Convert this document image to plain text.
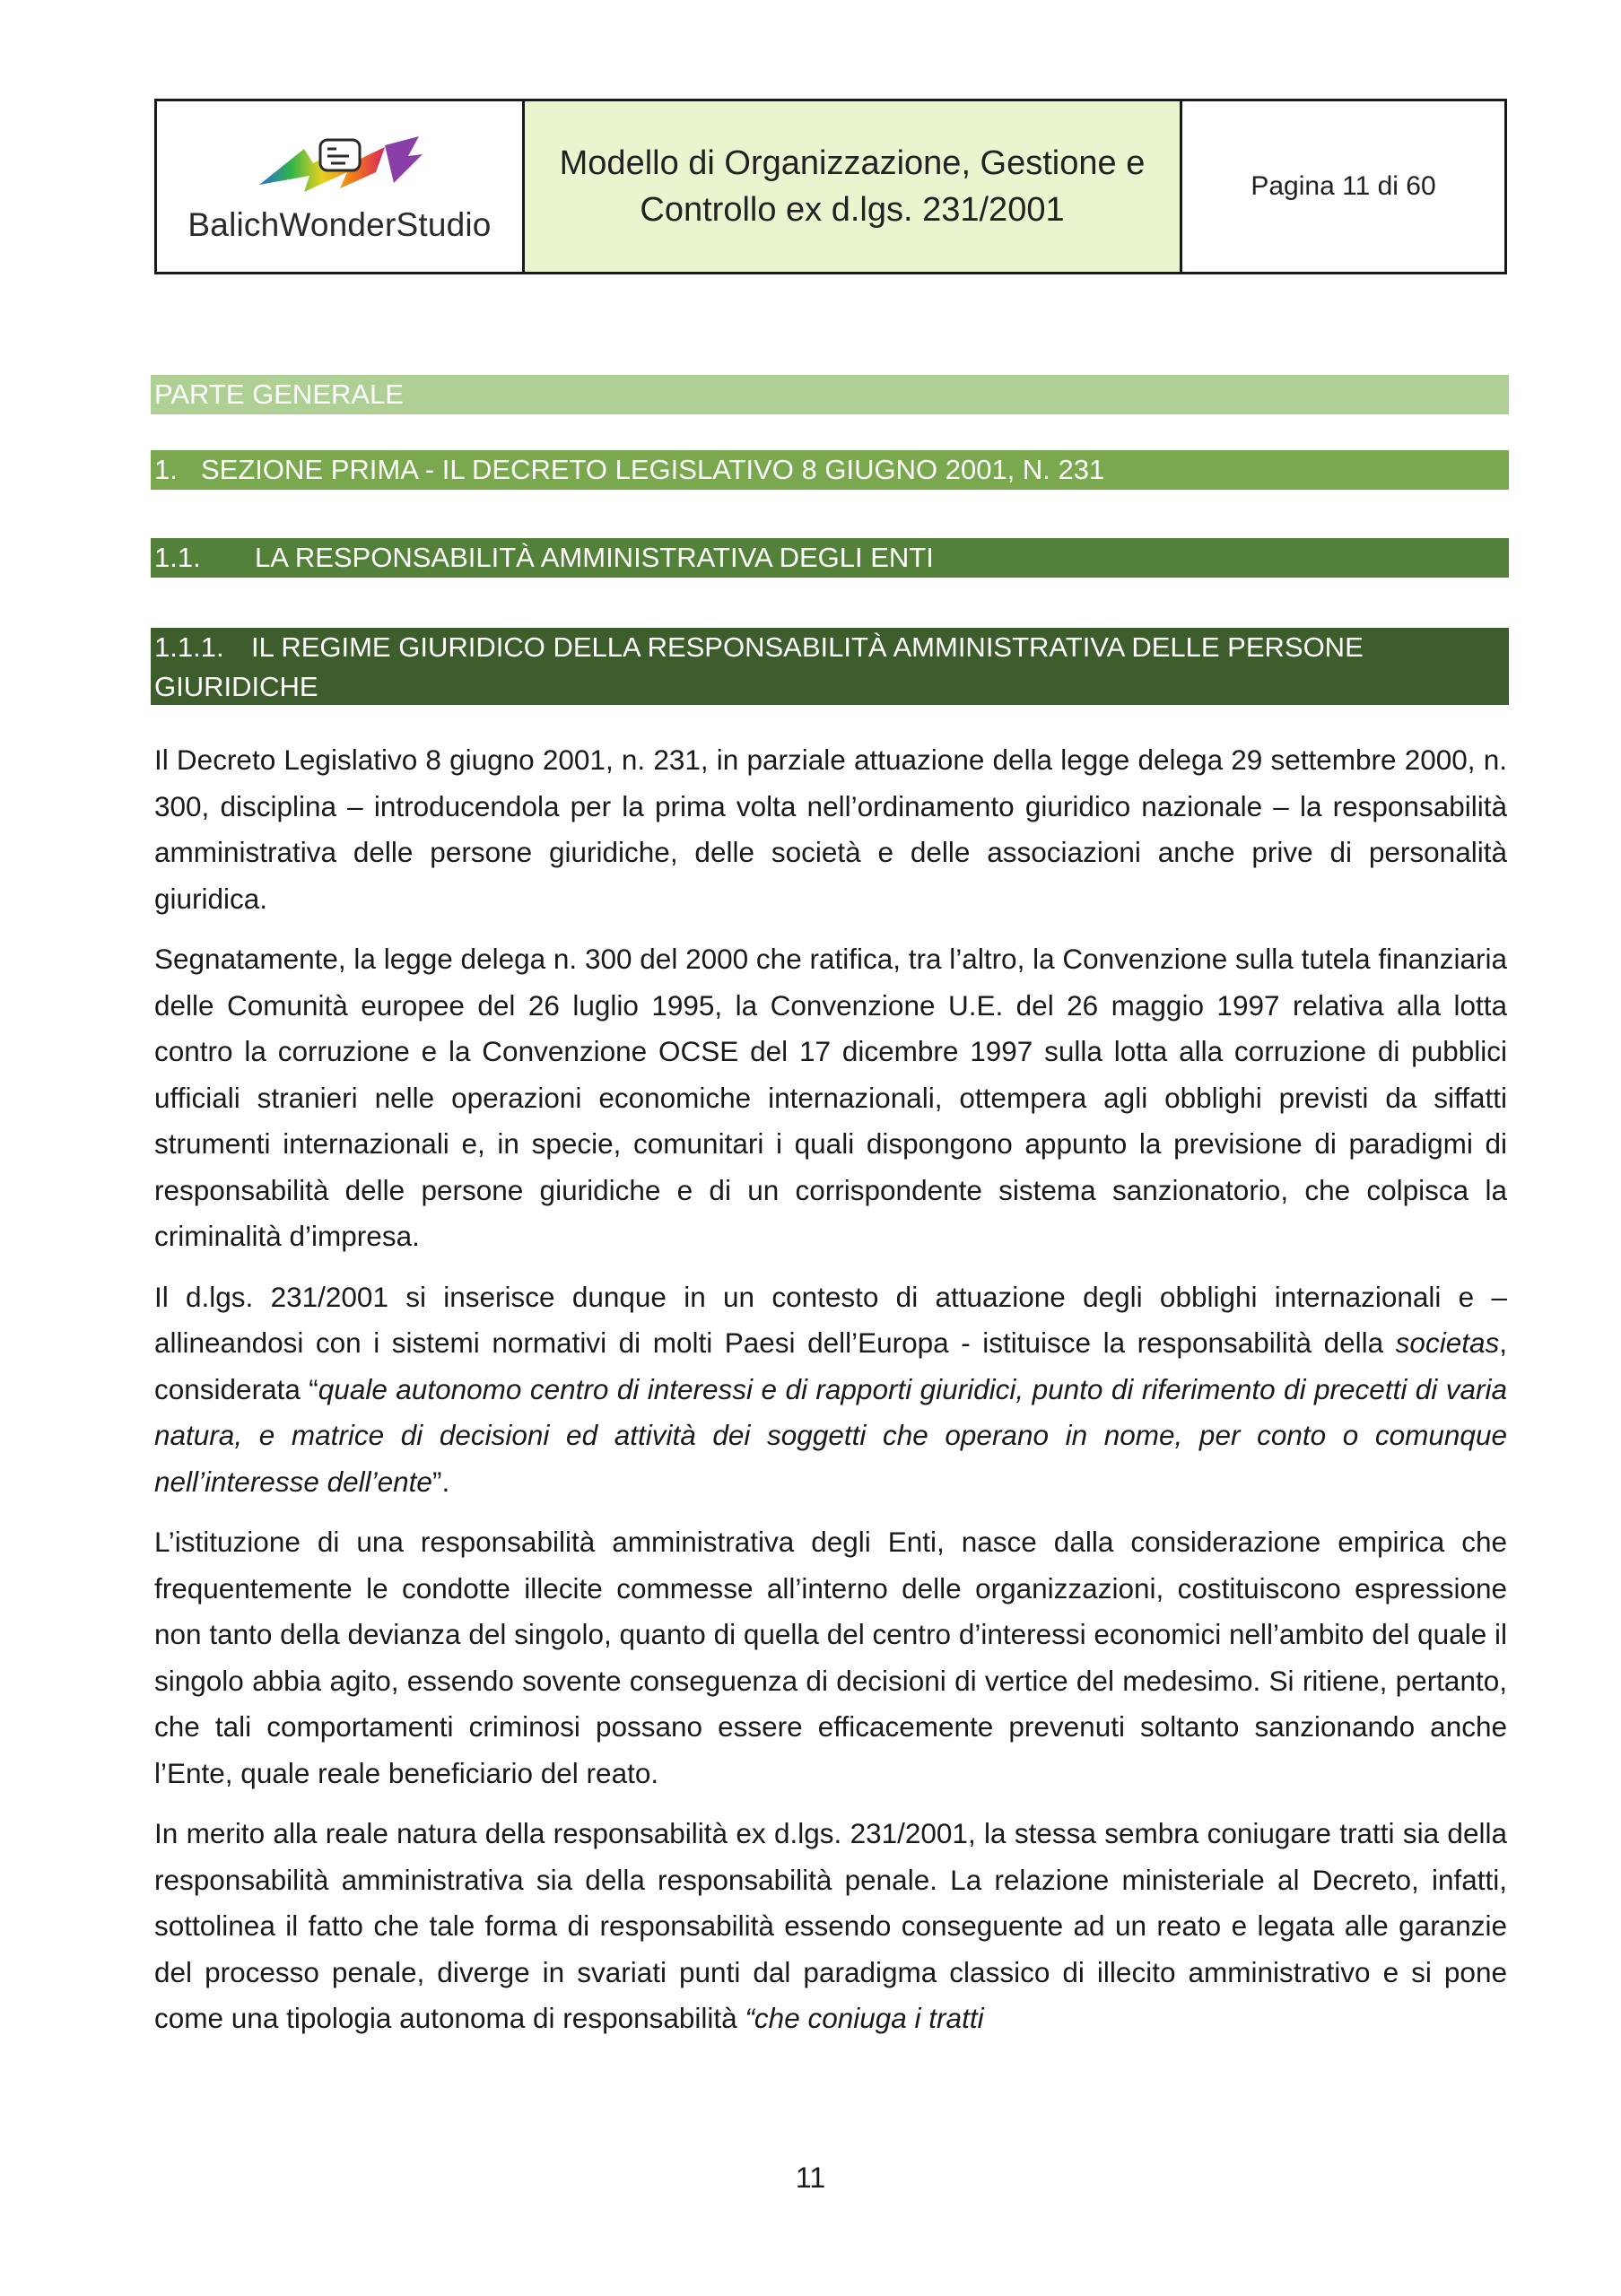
BalichWonderStudio
Modello di Organizzazione, Gestione e
Controllo ex d.lgs. 231/2001
Pagina 11 di 60
PARTE GENERALE
1. SEZIONE PRIMA - IL DECRETO LEGISLATIVO 8 GIUGNO 2001, N. 231
1.1. LA RESPONSABILITÀ AMMINISTRATIVA DEGLI ENTI
1.1.1. IL REGIME GIURIDICO DELLA RESPONSABILITÀ AMMINISTRATIVA DELLE PERSONE
GIURIDICHE

Il Decreto Legislativo 8 giugno 2001, n. 231, in parziale attuazione della legge delega 29 settembre 2000, n. 300, disciplina – introducendola per la prima volta nell’ordinamento giuridico nazionale – la responsabilità amministrativa delle persone giuridiche, delle società e delle associazioni anche prive di personalità giuridica.

Segnatamente, la legge delega n. 300 del 2000 che ratifica, tra l’altro, la Convenzione sulla tutela finanziaria delle Comunità europee del 26 luglio 1995, la Convenzione U.E. del 26 maggio 1997 relativa alla lotta contro la corruzione e la Convenzione OCSE del 17 dicembre 1997 sulla lotta alla corruzione di pubblici ufficiali stranieri nelle operazioni economiche internazionali, ottempera agli obblighi previsti da siffatti strumenti internazionali e, in specie, comunitari i quali dispongono appunto la previsione di paradigmi di responsabilità delle persone giuridiche e di un corrispondente sistema sanzionatorio, che colpisca la criminalità d’impresa.

Il d.lgs. 231/2001 si inserisce dunque in un contesto di attuazione degli obblighi internazionali e – allineandosi con i sistemi normativi di molti Paesi dell’Europa - istituisce la responsabilità della societas, considerata “quale autonomo centro di interessi e di rapporti giuridici, punto di riferimento di precetti di varia natura, e matrice di decisioni ed attività dei soggetti che operano in nome, per conto o comunque nell’interesse dell’ente”.

L’istituzione di una responsabilità amministrativa degli Enti, nasce dalla considerazione empirica che frequentemente le condotte illecite commesse all’interno delle organizzazioni, costituiscono espressione non tanto della devianza del singolo, quanto di quella del centro d’interessi economici nell’ambito del quale il singolo abbia agito, essendo sovente conseguenza di decisioni di vertice del medesimo. Si ritiene, pertanto, che tali comportamenti criminosi possano essere efficacemente prevenuti soltanto sanzionando anche l’Ente, quale reale beneficiario del reato.

In merito alla reale natura della responsabilità ex d.lgs. 231/2001, la stessa sembra coniugare tratti sia della responsabilità amministrativa sia della responsabilità penale. La relazione ministeriale al Decreto, infatti, sottolinea il fatto che tale forma di responsabilità essendo conseguente ad un reato e legata alle garanzie del processo penale, diverge in svariati punti dal paradigma classico di illecito amministrativo e si pone come una tipologia autonoma di responsabilità “che coniuga i tratti

11
